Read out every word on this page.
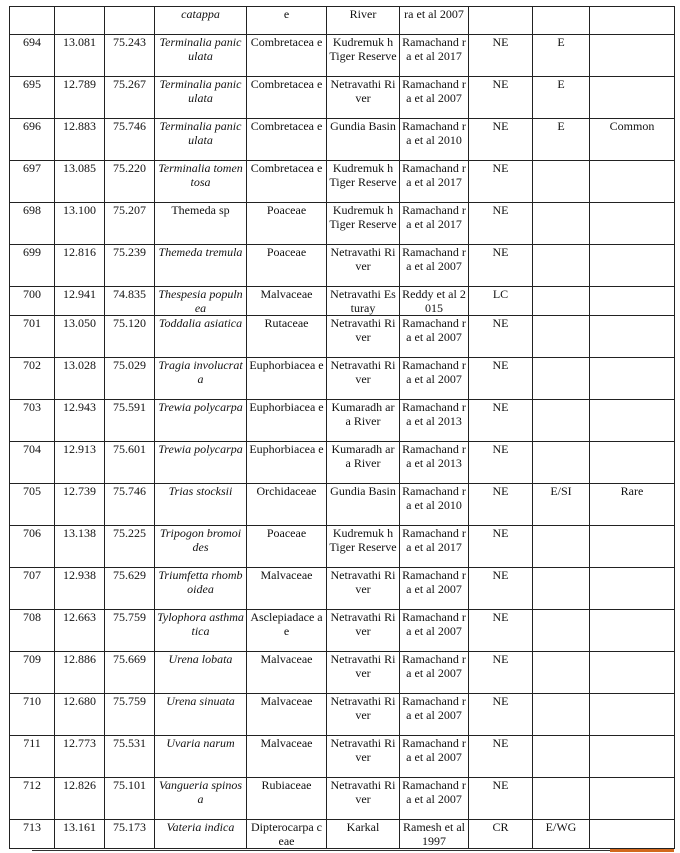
			catappa	e	River	ra et al 2007			
694	13.081	75.243	Terminalia paniculata	Combretacea e	Kudremuk h Tiger Reserve	Ramachand ra et al 2017	NE	E	
695	12.789	75.267	Terminalia paniculata	Combretacea e	Netravathi River	Ramachand ra et al 2007	NE	E	
696	12.883	75.746	Terminalia paniculata	Combretacea e	Gundia Basin	Ramachand ra et al 2010	NE	E	Common
697	13.085	75.220	Terminalia tomentosa	Combretacea e	Kudremuk h Tiger Reserve	Ramachand ra et al 2017	NE		
698	13.100	75.207	Themeda sp	Poaceae	Kudremuk h Tiger Reserve	Ramachand ra et al 2017	NE		
699	12.816	75.239	Themeda tremula	Poaceae	Netravathi River	Ramachand ra et al 2007	NE		
700	12.941	74.835	Thespesia populnea	Malvaceae	Netravathi Esturay	Reddy et al 2015	LC		
701	13.050	75.120	Toddalia asiatica	Rutaceae	Netravathi River	Ramachand ra et al 2007	NE		
702	13.028	75.029	Tragia involucrata	Euphorbiacea e	Netravathi River	Ramachand ra et al 2007	NE		
703	12.943	75.591	Trewia polycarpa	Euphorbiacea e	Kumaradh ara River	Ramachand ra et al 2013	NE		
704	12.913	75.601	Trewia polycarpa	Euphorbiacea e	Kumaradh ara River	Ramachand ra et al 2013	NE		
705	12.739	75.746	Trias stocksii	Orchidaceae	Gundia Basin	Ramachand ra et al 2010	NE	E/SI	Rare
706	13.138	75.225	Tripogon bromoides	Poaceae	Kudremuk h Tiger Reserve	Ramachand ra et al 2017	NE		
707	12.938	75.629	Triumfetta rhomboidea	Malvaceae	Netravathi River	Ramachand ra et al 2007	NE		
708	12.663	75.759	Tylophora asthmatica	Asclepiadace ae	Netravathi River	Ramachand ra et al 2007	NE		
709	12.886	75.669	Urena lobata	Malvaceae	Netravathi River	Ramachand ra et al 2007	NE		
710	12.680	75.759	Urena sinuata	Malvaceae	Netravathi River	Ramachand ra et al 2007	NE		
711	12.773	75.531	Uvaria narum	Malvaceae	Netravathi River	Ramachand ra et al 2007	NE		
712	12.826	75.101	Vangueria spinosa	Rubiaceae	Netravathi River	Ramachand ra et al 2007	NE		
713	13.161	75.173	Vateria indica	Dipterocarpa ceae	Karkal	Ramesh et al 1997	CR	E/WG	
